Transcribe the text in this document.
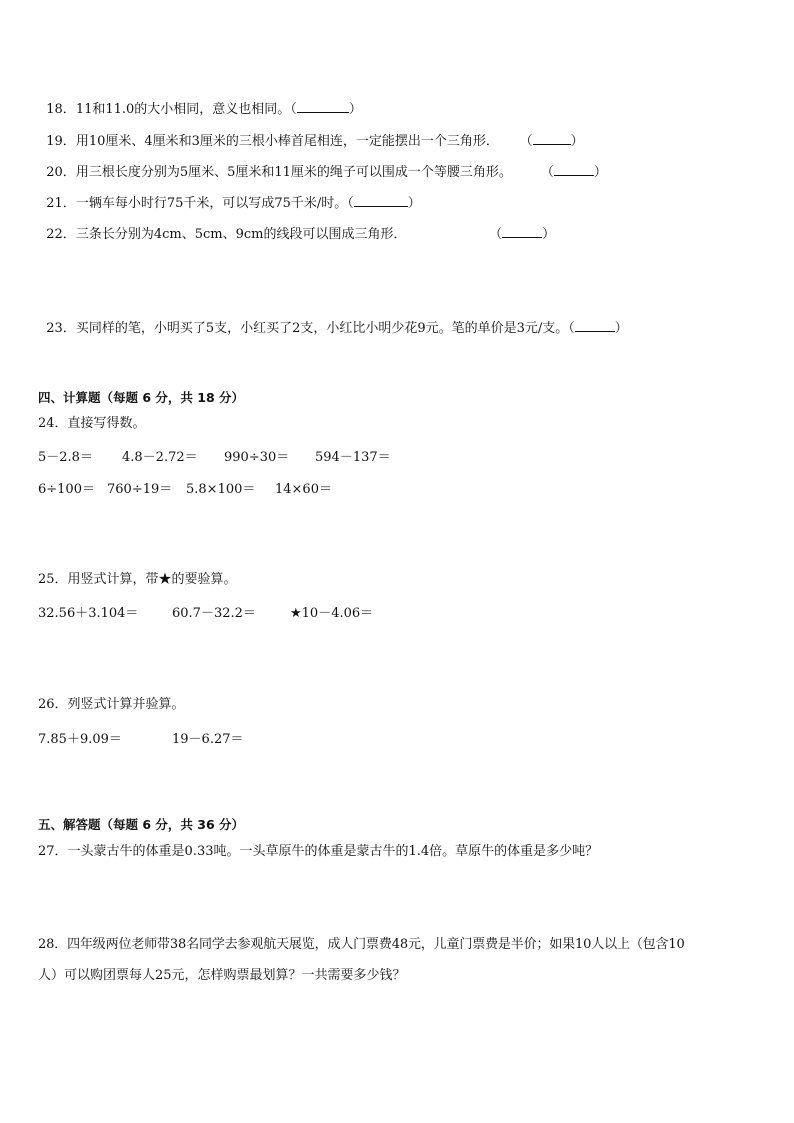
18．11和11.0的大小相同，意义也相同。（	）

19．用10厘米、4厘米和3厘米的三根小棒首尾相连，一定能摆出一个三角形．     （	）

20．用三根长度分别为5厘米、5厘米和11厘米的绳子可以围成一个等腰三角形。       （	）

21．一辆车每小时行75千米，可以写成75千米/时。（	）

22．三条长分别为4cm、5cm、9cm的线段可以围成三角形．                    （	）

23．买同样的笔，小明买了5支，小红买了2支，小红比小明少花9元。笔的单价是3元/支。（	）

四、计算题（每题 6 分，共 18 分）
24．直接写得数。
5－2.8＝ 4.8－2.72＝ 990÷30＝ 594－137＝
6÷100＝ 760÷19＝ 5.8×100＝ 14×60＝
25．用竖式计算，带★的要验算。
32.56＋3.104＝	60.7－32.2＝	★10－4.06＝
26．列竖式计算并验算。
7.85＋9.09＝	19－6.27＝
五、解答题（每题 6 分，共 36 分）
27．一头蒙古牛的体重是0.33吨。一头草原牛的体重是蒙古牛的1.4倍。草原牛的体重是多少吨？
28．四年级两位老师带38名同学去参观航天展览，成人门票费48元，儿童门票费是半价；如果10人以上（包含10
人）可以购团票每人25元，怎样购票最划算？一共需要多少钱？
